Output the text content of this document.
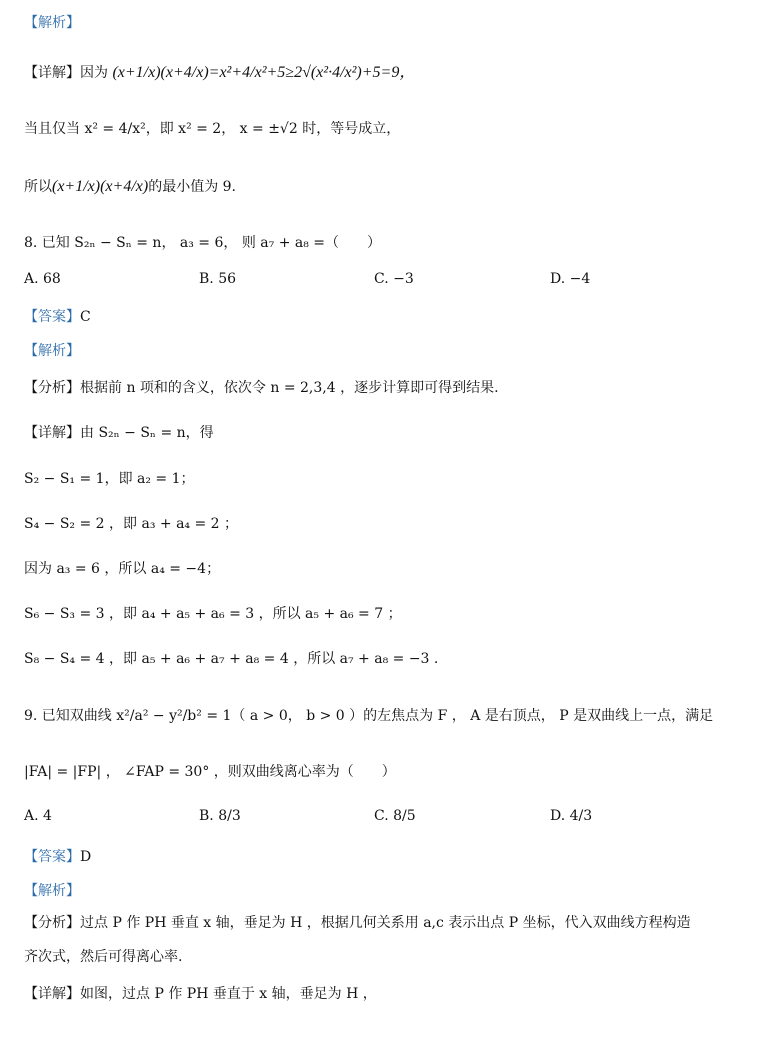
【解析】
【详解】因为 (x+1/x)(x+4/x)=x²+4/x²+5≥2√(x²·4/x²)+5=9，
当且仅当 x² = 4/x²，即 x² = 2， x = ±√2 时，等号成立，
所以(x+1/x)(x+4/x)的最小值为 9.
8. 已知 S₂ₙ − Sₙ = n， a₃ = 6， 则 a₇ + a₈ =（　　）
A. 68	B. 56	C. −3	D. −4
【答案】C
【解析】
【分析】根据前 n 项和的含义，依次令 n = 2,3,4 ，逐步计算即可得到结果.
【详解】由 S₂ₙ − Sₙ = n，得
S₂ − S₁ = 1，即 a₂ = 1；
S₄ − S₂ = 2 ，即 a₃ + a₄ = 2 ；
因为 a₃ = 6 ，所以 a₄ = −4；
S₆ − S₃ = 3 ，即 a₄ + a₅ + a₆ = 3 ，所以 a₅ + a₆ = 7 ；
S₈ − S₄ = 4 ，即 a₅ + a₆ + a₇ + a₈ = 4 ，所以 a₇ + a₈ = −3 .
9. 已知双曲线 x²/a² − y²/b² = 1（ a > 0， b > 0 ）的左焦点为 F ， A 是右顶点， P 是双曲线上一点，满足
|FA| = |FP| ， ∠FAP = 30° ，则双曲线离心率为（　　）
A. 4	B. 8/3	C. 8/5	D. 4/3
【答案】D
【解析】
【分析】过点 P 作 PH 垂直 x 轴，垂足为 H ，根据几何关系用 a,c 表示出点 P 坐标，代入双曲线方程构造
齐次式，然后可得离心率.
【详解】如图，过点 P 作 PH 垂直于 x 轴，垂足为 H ，
